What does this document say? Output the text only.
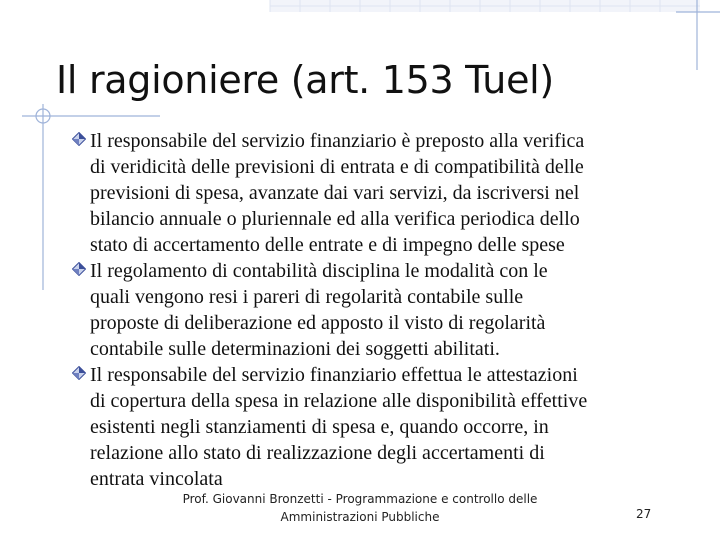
Il ragioniere (art. 153 Tuel)
Il responsabile del servizio finanziario è preposto alla verifica
di veridicità delle previsioni di entrata e di compatibilità delle
previsioni di spesa, avanzate dai vari servizi, da iscriversi nel
bilancio annuale o pluriennale ed alla verifica periodica dello
stato di accertamento delle entrate e di impegno delle spese
Il regolamento di contabilità disciplina le modalità con le
quali vengono resi i pareri di regolarità contabile sulle
proposte di deliberazione ed apposto il visto di regolarità
contabile sulle determinazioni dei soggetti abilitati.
Il responsabile del servizio finanziario effettua le attestazioni
di copertura della spesa in relazione alle disponibilità effettive
esistenti negli stanziamenti di spesa e, quando occorre, in
relazione allo stato di realizzazione degli accertamenti di
entrata vincolata
Prof. Giovanni Bronzetti - Programmazione e controllo delle
Amministrazioni Pubbliche	27
